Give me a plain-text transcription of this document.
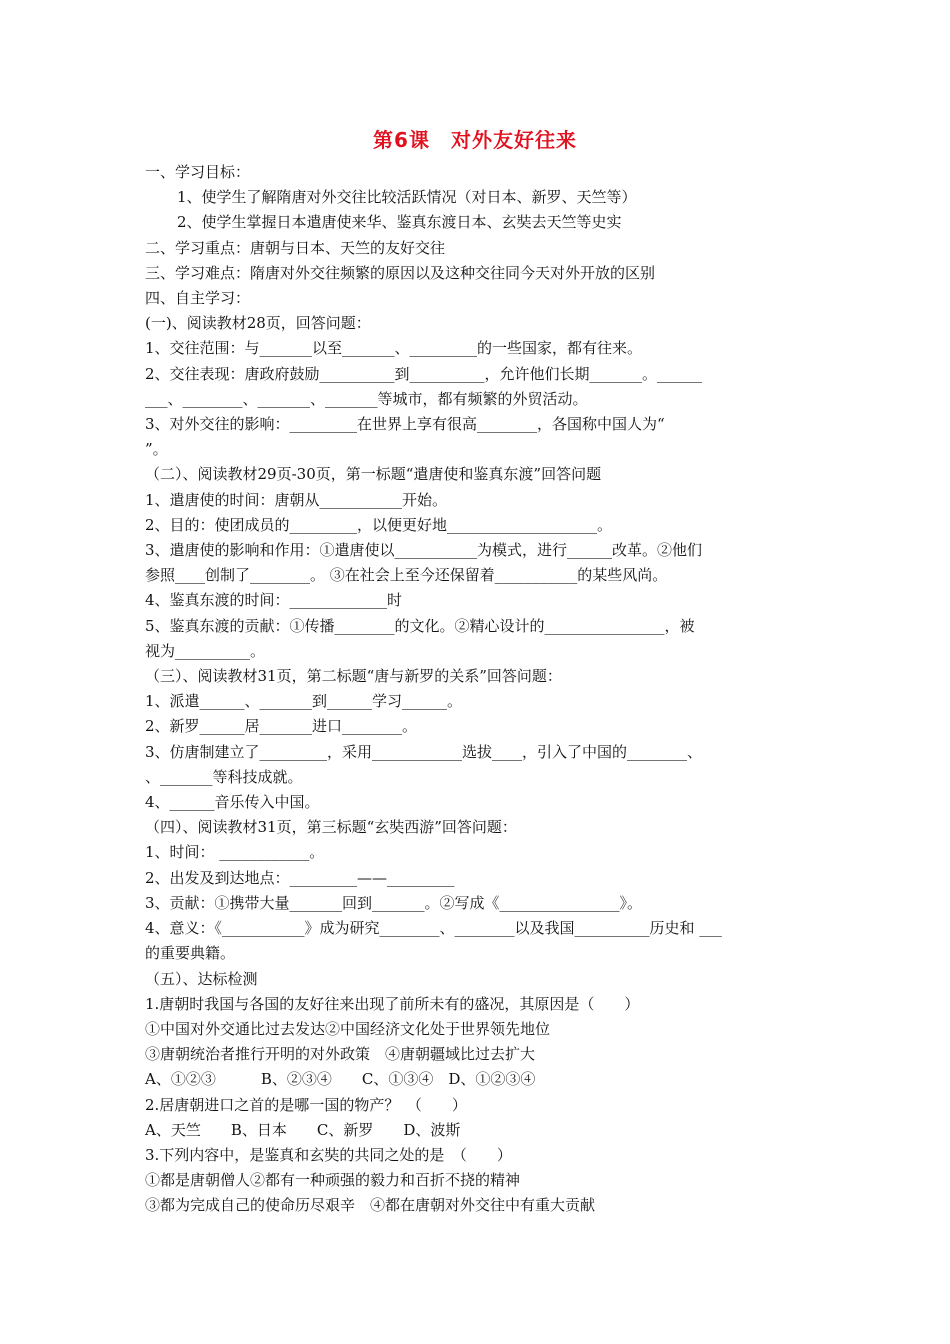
第6课　对外友好往来

一、学习目标：

1、使学生了解隋唐对外交往比较活跃情况（对日本、新罗、天竺等）

2、使学生掌握日本遣唐使来华、鉴真东渡日本、玄奘去天竺等史实

二、学习重点：唐朝与日本、天竺的友好交往

三、学习难点：隋唐对外交往频繁的原因以及这种交往同今天对外开放的区别

四、自主学习：

(一)、阅读教材28页，回答问题：

1、交往范围：与_______以至_______、_________的一些国家，都有往来。

2、交往表现：唐政府鼓励__________到__________，允许他们长期_______。______

___、________、_______、_______等城市，都有频繁的外贸活动。

3、对外交往的影响：_________在世界上享有很高________，各国称中国人为“

”。

（二）、阅读教材29页-30页，第一标题“遣唐使和鉴真东渡”回答问题

1、遣唐使的时间：唐朝从___________开始。

2、目的：使团成员的_________，以便更好地____________________。

3、遣唐使的影响和作用：①遣唐使以___________为模式，进行______改革。②他们

参照____创制了________。 ③在社会上至今还保留着___________的某些风尚。

4、鉴真东渡的时间：_____________时

5、鉴真东渡的贡献：①传播________的文化。②精心设计的________________，被

视为__________。

（三）、阅读教材31页，第二标题“唐与新罗的关系”回答问题：

1、派遣______、_______到______学习______。

2、新罗______居_______进口________。

3、仿唐制建立了_________，采用____________选拔____，引入了中国的________、

、_______等科技成就。

4、______音乐传入中国。

（四）、阅读教材31页，第三标题“玄奘西游”回答问题：

1、时间： ____________。

2、出发及到达地点：_________——_________

3、贡献：①携带大量_______回到_______。②写成《________________》。

4、意义：《___________》成为研究________、________以及我国__________历史和 ___

的重要典籍。

（五）、达标检测

1.唐朝时我国与各国的友好往来出现了前所未有的盛况，其原因是（　　）

①中国对外交通比过去发达②中国经济文化处于世界领先地位

③唐朝统治者推行开明的对外政策　④唐朝疆域比过去扩大

A、①②③　　　B、②③④　　C、①③④　D、①②③④

2.居唐朝进口之首的是哪一国的物产？　（　　）

A、天竺　　B、日本　　C、新罗　　D、波斯

3.下列内容中，是鉴真和玄奘的共同之处的是　（　　）

①都是唐朝僧人②都有一种顽强的毅力和百折不挠的精神

③都为完成自己的使命历尽艰辛　④都在唐朝对外交往中有重大贡献
